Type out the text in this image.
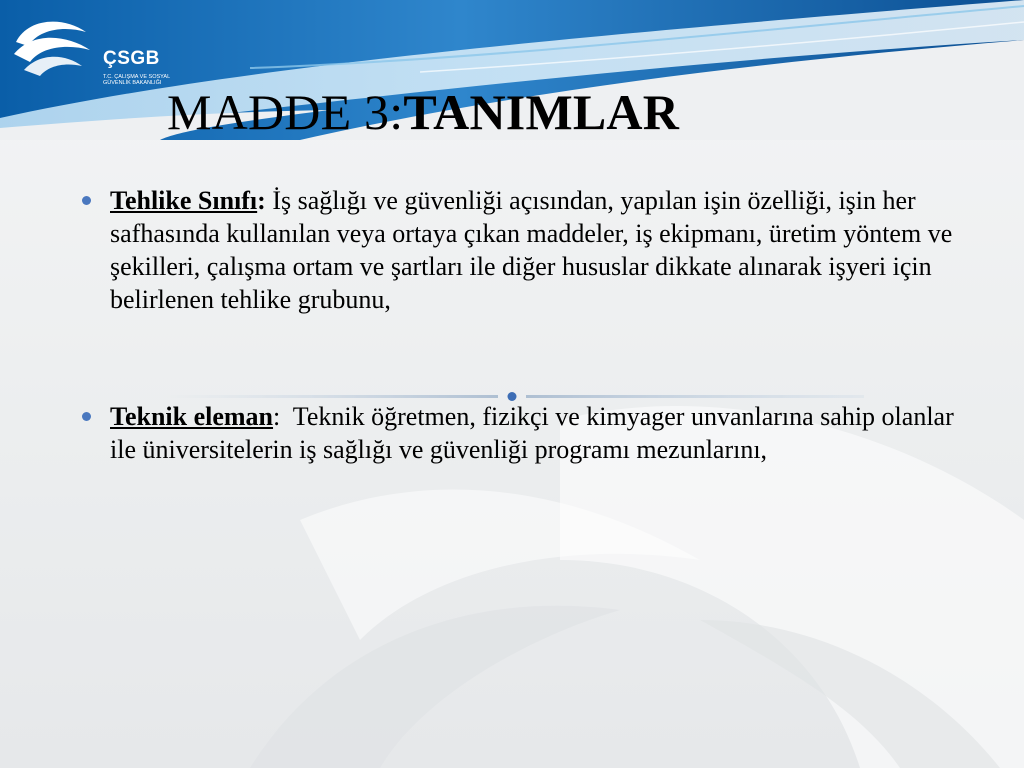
ÇSGB
T.C. ÇALIŞMA VE SOSYAL GÜVENLİK BAKANLIĞI
MADDE 3:TANIMLAR
Tehlike Sınıfı: İş sağlığı ve güvenliği açısından, yapılan işin özelliği, işin her safhasında kullanılan veya ortaya çıkan maddeler, iş ekipmanı, üretim yöntem ve şekilleri, çalışma ortam ve şartları ile diğer hususlar dikkate alınarak işyeri için belirlenen tehlike grubunu,
Teknik eleman:  Teknik öğretmen, fizikçi ve kimyager unvanlarına sahip olanlar ile üniversitelerin iş sağlığı ve güvenliği programı mezunlarını,
